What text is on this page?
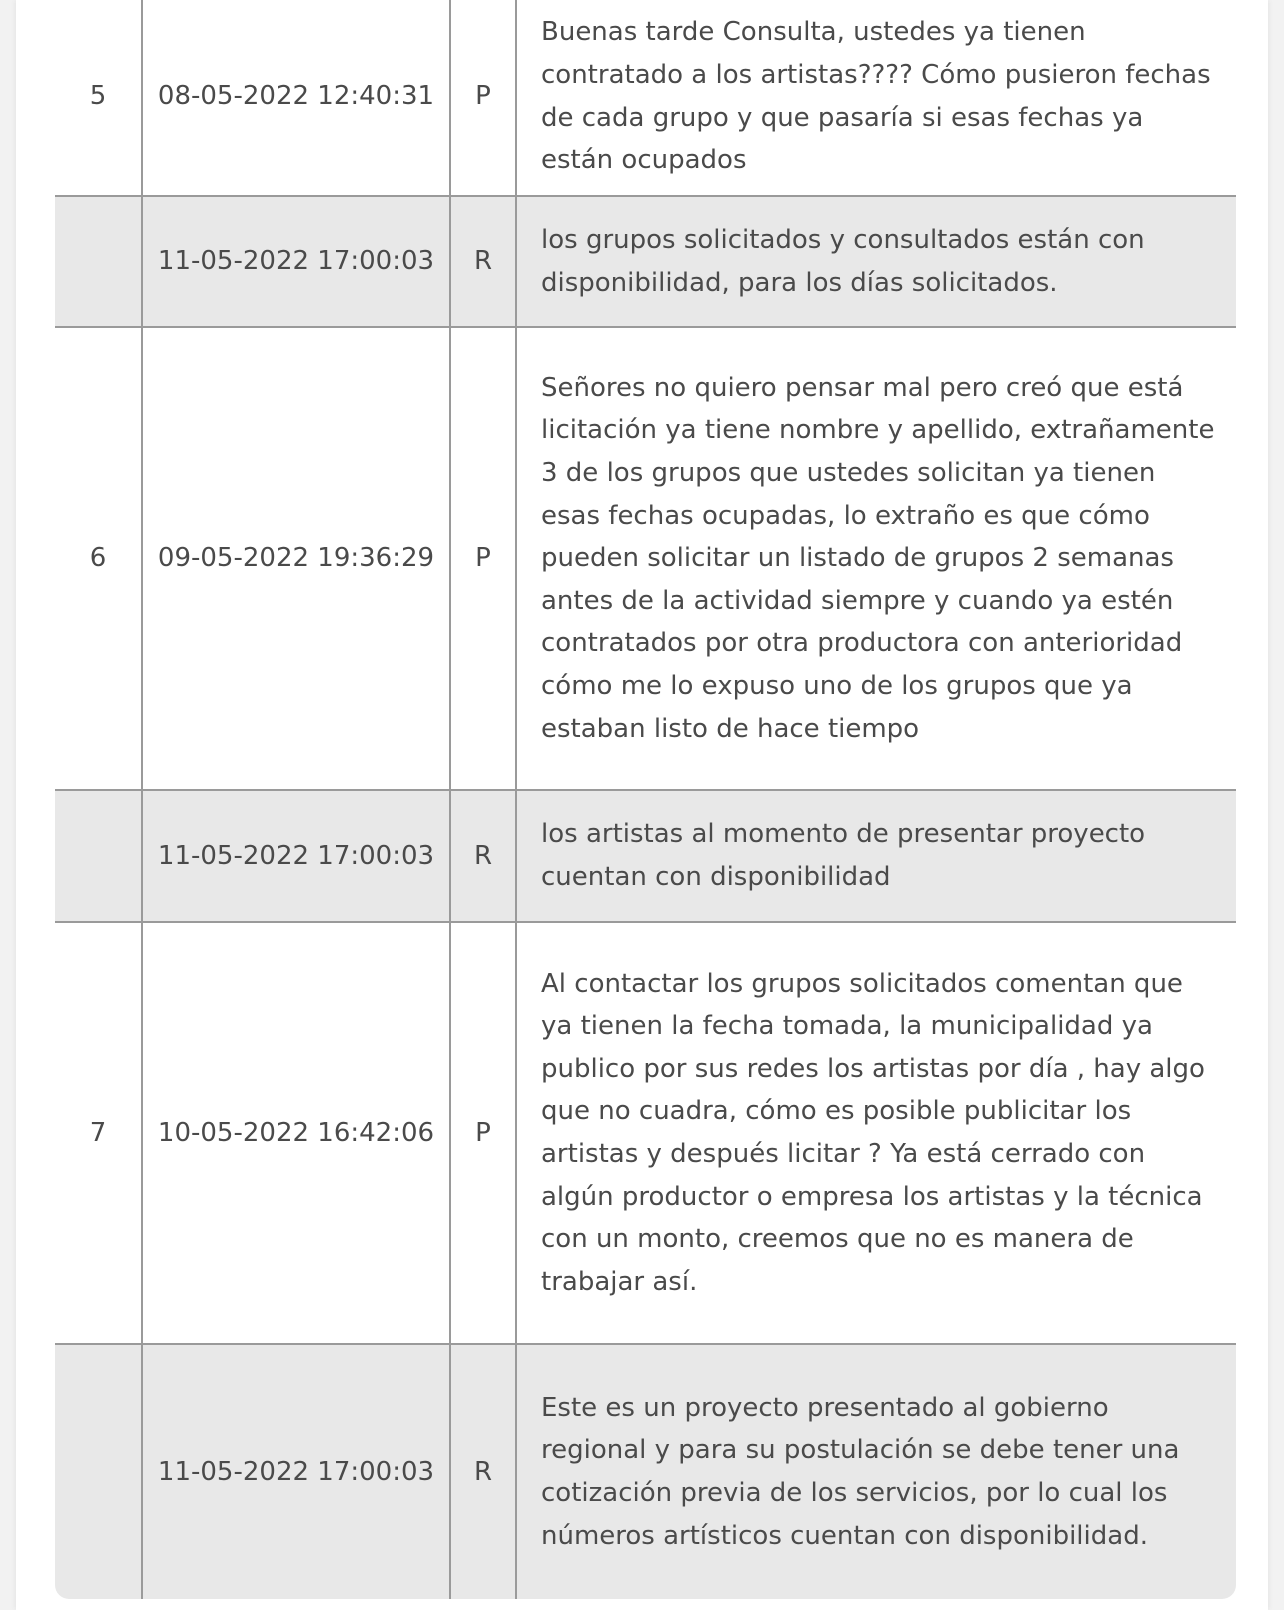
5	08-05-2022 12:40:31	P	Buenas tarde Consulta, ustedes ya tienen contratado a los artistas???? Cómo pusieron fechas de cada grupo y que pasaría si esas fechas ya están ocupados
	11-05-2022 17:00:03	R	los grupos solicitados y consultados están con disponibilidad, para los días solicitados.
6	09-05-2022 19:36:29	P	Señores no quiero pensar mal pero creó que está licitación ya tiene nombre y apellido, extrañamente 3 de los grupos que ustedes solicitan ya tienen esas fechas ocupadas, lo extraño es que cómo pueden solicitar un listado de grupos 2 semanas antes de la actividad siempre y cuando ya estén contratados por otra productora con anterioridad cómo me lo expuso uno de los grupos que ya estaban listo de hace tiempo
	11-05-2022 17:00:03	R	los artistas al momento de presentar proyecto cuentan con disponibilidad
7	10-05-2022 16:42:06	P	Al contactar los grupos solicitados comentan que ya tienen la fecha tomada, la municipalidad ya publico por sus redes los artistas por día , hay algo que no cuadra, cómo es posible publicitar los artistas y después licitar ? Ya está cerrado con algún productor o empresa los artistas y la técnica con un monto, creemos que no es manera de trabajar así.
	11-05-2022 17:00:03	R	Este es un proyecto presentado al gobierno regional y para su postulación se debe tener una cotización previa de los servicios, por lo cual los números artísticos cuentan con disponibilidad.
